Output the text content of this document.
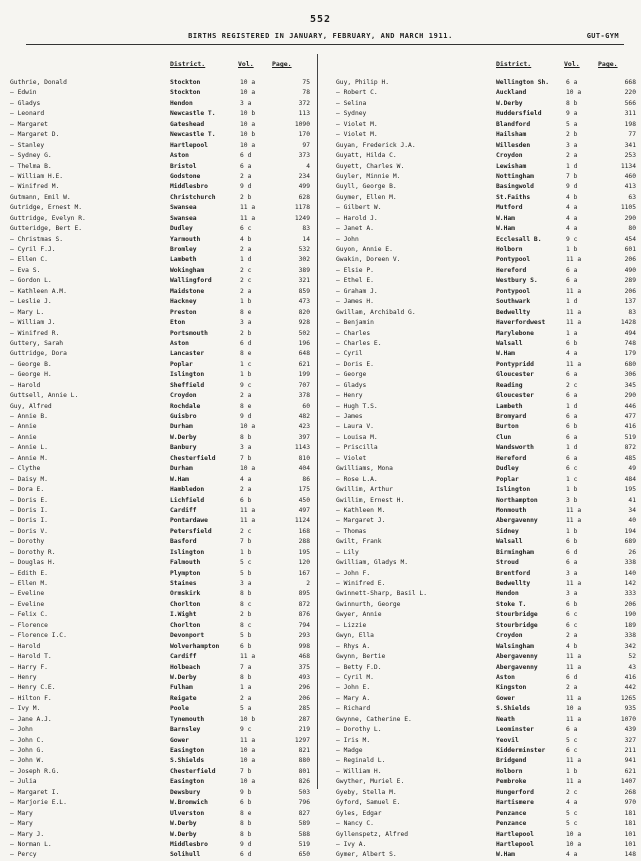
552
BIRTHS REGISTERED IN JANUARY, FEBRUARY, AND MARCH 1911.	GUT-GYM
District.	Vol.	Page.
Guthrie, Donald	Stockton	10 a	75
— Edwin	Stockton	10 a	78
— Gladys	Hendon	3 a	372
— Leonard	Newcastle T.	10 b	113
— Margaret	Gateshead	10 a	1090
— Margaret D.	Newcastle T.	10 b	170
— Stanley	Hartlepool	10 a	97
— Sydney G.	Aston	6 d	373
— Thelma B.	Bristol	6 a	4
— William H.E.	Godstone	2 a	234
— Winifred M.	Middlesbro	9 d	499
Gutmann, Emil W.	Christchurch	2 b	628
Gutridge, Ernest M.	Swansea	11 a	1178
Guttridge, Evelyn R.	Swansea	11 a	1249
Gutteridge, Bert E.	Dudley	6 c	83
— Christmas S.	Yarmouth	4 b	14
— Cyril F.J.	Bromley	2 a	532
— Ellen C.	Lambeth	1 d	302
— Eva S.	Wokingham	2 c	389
— Gordon L.	Wallingford	2 c	321
— Kathleen A.M.	Maidstone	2 a	859
— Leslie J.	Hackney	1 b	473
— Mary L.	Preston	8 e	820
— William J.	Eton	3 a	928
— Winifred R.	Portsmouth	2 b	502
Guttery, Sarah	Aston	6 d	196
Guttridge, Dora	Lancaster	8 e	648
— George B.	Poplar	1 c	621
— George H.	Islington	1 b	199
— Harold	Sheffield	9 c	707
Guttsell, Annie L.	Croydon	2 a	378
Guy, Alfred	Rochdale	8 e	60
— Annie B.	Guisbro	9 d	482
— Annie	Durham	10 a	423
— Annie	W.Derby	8 b	397
— Annie L.	Banbury	3 a	1143
— Annie M.	Chesterfield	7 b	810
— Clythe	Durham	10 a	404
— Daisy M.	W.Ham	4 a	86
— Dora E.	Hambledon	2 a	175
— Doris E.	Lichfield	6 b	450
— Doris I.	Cardiff	11 a	497
— Doris I.	Pontardawe	11 a	1124
— Doris V.	Petersfield	2 c	168
— Dorothy	Basford	7 b	288
— Dorothy R.	Islington	1 b	195
— Douglas H.	Falmouth	5 c	120
— Edith E.	Plympton	5 b	167
— Ellen M.	Staines	3 a	2
— Eveline	Ormskirk	8 b	895
— Eveline	Chorlton	8 c	872
— Felix C.	I.Wight	2 b	876
— Florence	Chorlton	8 c	794
— Florence I.C.	Devonport	5 b	293
— Harold	Wolverhampton	6 b	998
— Harold T.	Cardiff	11 a	468
— Harry F.	Holbeach	7 a	375
— Henry	W.Derby	8 b	493
— Henry C.E.	Fulham	1 a	296
— Hilton F.	Reigate	2 a	206
— Ivy M.	Poole	5 a	285
— Jane A.J.	Tynemouth	10 b	287
— John	Barnsley	9 c	219
— John C.	Gower	11 a	1297
— John G.	Easington	10 a	821
— John W.	S.Shields	10 a	880
— Joseph R.G.	Chesterfield	7 b	801
— Julia	Easington	10 a	826
— Margaret I.	Dewsbury	9 b	503
— Marjorie E.L.	W.Bromwich	6 b	796
— Mary	Ulverston	8 e	827
— Mary	W.Derby	8 b	589
— Mary J.	W.Derby	8 b	588
— Norman L.	Middlesbro	9 d	519
— Percy	Solihull	6 d	650
District.	Vol.	Page.
Guy, Philip H.	Wellington Sh.	6 a	668
— Robert C.	Auckland	10 a	220
— Selina	W.Derby	8 b	566
— Sydney	Huddersfield	9 a	311
— Violet M.	Blandford	5 a	198
— Violet M.	Hailsham	2 b	77
Guyan, Frederick J.A.	Willesden	3 a	341
Guyatt, Hilda C.	Croydon	2 a	253
Guyett, Charles W.	Lewisham	1 d	1134
Guyler, Minnie M.	Nottingham	7 b	460
Guyll, George B.	Basingwold	9 d	413
Guymer, Ellen M.	St.Faiths	4 b	63
— Gilbert W.	Mutford	4 a	1105
— Harold J.	W.Ham	4 a	290
— Janet A.	W.Ham	4 a	80
— John	Ecclesall B.	9 c	454
Guyon, Annie E.	Holborn	1 b	601
Gwakin, Doreen V.	Pontypool	11 a	206
— Elsie P.	Hereford	6 a	490
— Ethel E.	Westbury S.	6 a	289
— Graham J.	Pontypool	11 a	206
— James H.	Southwark	1 d	137
Gwillam, Archibald G.	Bedwellty	11 a	83
— Benjamin	Haverfordwest	11 a	1428
— Charles	Marylebone	1 a	494
— Charles E.	Walsall	6 b	748
— Cyril	W.Ham	4 a	179
— Doris E.	Pontypridd	11 a	680
— George	Gloucester	6 a	306
— Gladys	Reading	2 c	345
— Henry	Gloucester	6 a	290
— Hugh T.S.	Lambeth	1 d	446
— James	Bromyard	6 a	477
— Laura V.	Burton	6 b	416
— Louisa M.	Clun	6 a	519
— Priscilla	Wandsworth	1 d	872
— Violet	Hereford	6 a	485
Gwilliams, Mona	Dudley	6 c	49
— Rose L.A.	Poplar	1 c	484
Gwillim, Arthur	Islington	1 b	195
Gwillim, Ernest H.	Northampton	3 b	41
— Kathleen M.	Monmouth	11 a	34
— Margaret J.	Abergavenny	11 a	40
— Thomas	Sidney	1 b	194
Gwilt, Frank	Walsall	6 b	689
— Lily	Birmingham	6 d	26
Gwilliam, Gladys M.	Stroud	6 a	338
— John F.	Brentford	3 a	140
— Winifred E.	Bedwellty	11 a	142
Gwinnett-Sharp, Basil L.	Hendon	3 a	333
Gwinnurth, George	Stoke T.	6 b	206
Gwyer, Annie	Stourbridge	6 c	190
— Lizzie	Stourbridge	6 c	189
Gwyn, Ella	Croydon	2 a	338
— Rhys A.	Walsingham	4 b	342
Gwynn, Bertie	Abergavenny	11 a	52
— Betty F.D.	Abergavenny	11 a	43
— Cyril M.	Aston	6 d	416
— John E.	Kingston	2 a	442
— Mary A.	Gower	11 a	1265
— Richard	S.Shields	10 a	935
Gwynne, Catherine E.	Neath	11 a	1070
— Dorothy L.	Leominster	6 a	439
— Iris M.	Yeovil	5 c	327
— Madge	Kidderminster	6 c	211
— Reginald L.	Bridgend	11 a	941
— William H.	Holborn	1 b	621
Gwyther, Muriel E.	Pembroke	11 a	1407
Gyeby, Stella M.	Hungerford	2 c	268
Gyford, Samuel E.	Hartismere	4 a	970
Gyles, Edgar	Penzance	5 c	181
— Nancy C.	Penzance	5 c	181
Gyllenspetz, Alfred	Hartlepool	10 a	101
— Ivy A.	Hartlepool	10 a	101
Gymer, Albert S.	W.Ham	4 a	148
